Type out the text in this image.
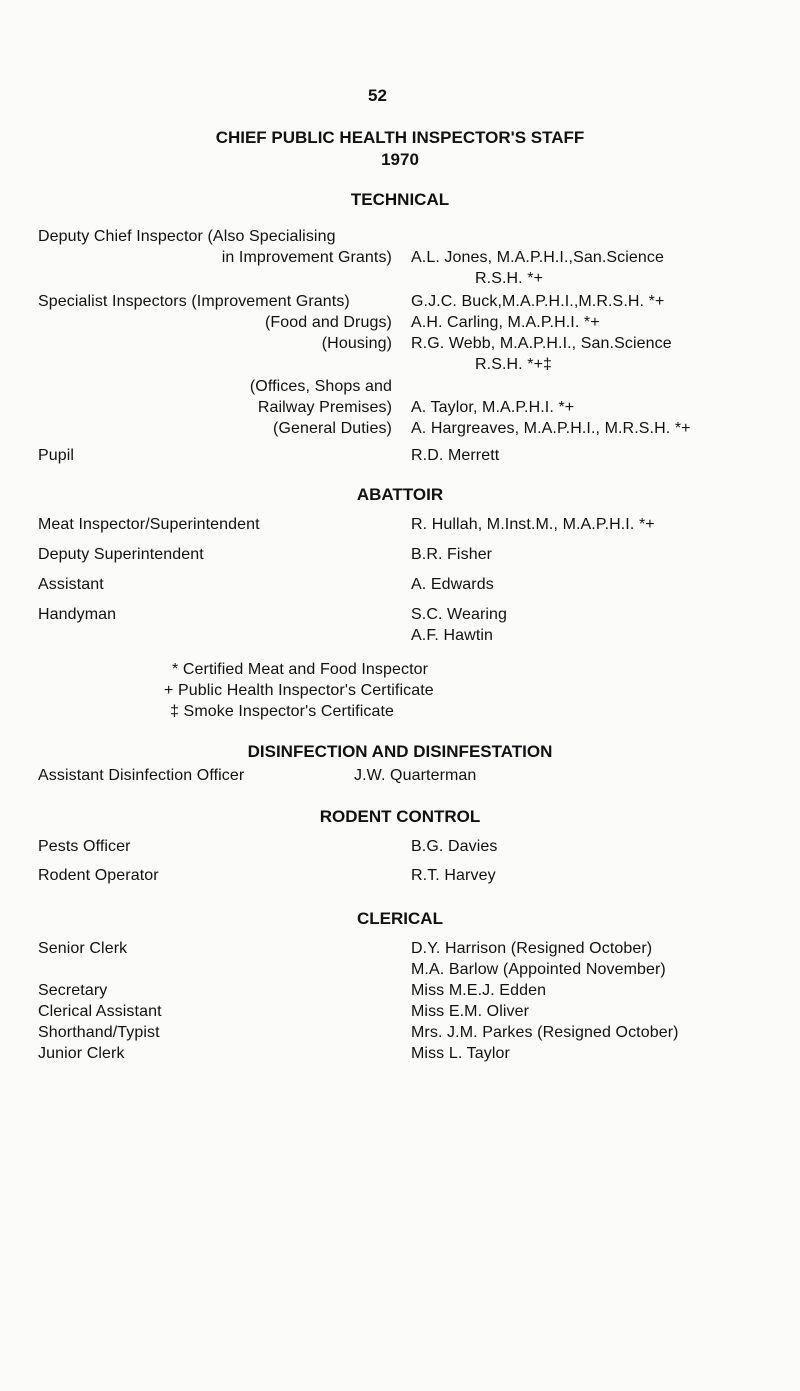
52
CHIEF PUBLIC HEALTH INSPECTOR'S STAFF
1970
TECHNICAL
Deputy Chief Inspector (Also Specialising
in Improvement Grants) A.L. Jones, M.A.P.H.I.,San.Science
R.S.H. *+
Specialist Inspectors (Improvement Grants)	G.J.C. Buck,M.A.P.H.I.,M.R.S.H. *+
(Food and Drugs) A.H. Carling, M.A.P.H.I. *+
(Housing) R.G. Webb, M.A.P.H.I., San.Science
R.S.H. *+‡
(Offices, Shops and
Railway Premises) A. Taylor, M.A.P.H.I. *+
(General Duties) A. Hargreaves, M.A.P.H.I., M.R.S.H. *+
Pupil	R.D. Merrett
ABATTOIR
Meat Inspector/Superintendent	R. Hullah, M.Inst.M., M.A.P.H.I. *+
Deputy Superintendent	B.R. Fisher
Assistant	A. Edwards
Handyman	S.C. Wearing
A.F. Hawtin
* Certified Meat and Food Inspector
+ Public Health Inspector's Certificate
‡ Smoke Inspector's Certificate
DISINFECTION AND DISINFESTATION
Assistant Disinfection Officer	J.W. Quarterman
RODENT CONTROL
Pests Officer	B.G. Davies
Rodent Operator	R.T. Harvey
CLERICAL
Senior Clerk	D.Y. Harrison (Resigned October)
M.A. Barlow (Appointed November)
Secretary	Miss M.E.J. Edden
Clerical Assistant	Miss E.M. Oliver
Shorthand/Typist	Mrs. J.M. Parkes (Resigned October)
Junior Clerk	Miss L. Taylor
